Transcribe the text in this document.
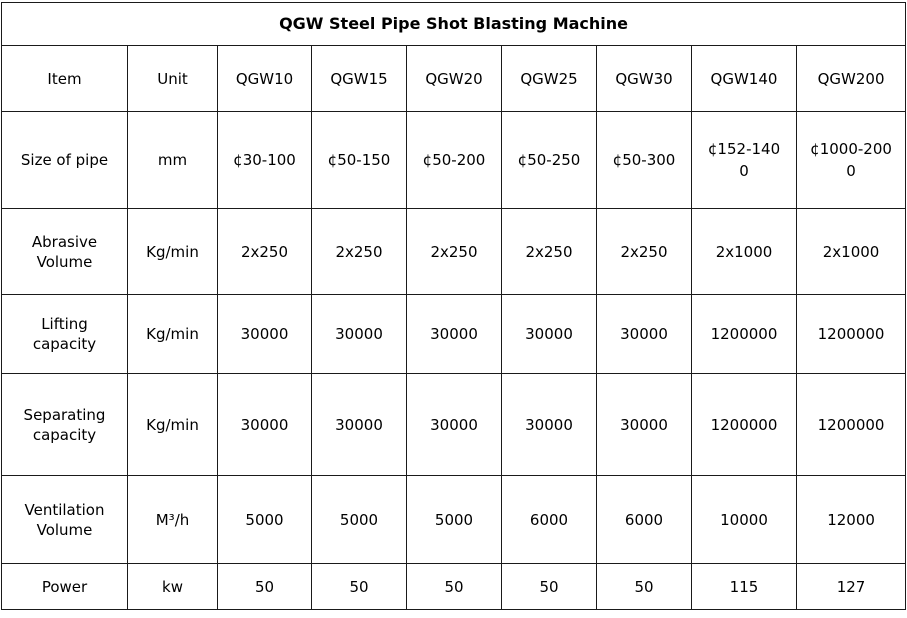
QGW Steel Pipe Shot Blasting Machine								
Item	Unit	QGW10	QGW15	QGW20	QGW25	QGW30	QGW140	QGW200
Size of pipe	mm	¢30-100	¢50-150	¢50-200	¢50-250	¢50-300	¢152-1400	¢1000-2000
Abrasive Volume	Kg/min	2x250	2x250	2x250	2x250	2x250	2x1000	2x1000
Lifting capacity	Kg/min	30000	30000	30000	30000	30000	1200000	1200000
Separating capacity	Kg/min	30000	30000	30000	30000	30000	1200000	1200000
Ventilation Volume	M³/h	5000	5000	5000	6000	6000	10000	12000
Power	kw	50	50	50	50	50	115	127
